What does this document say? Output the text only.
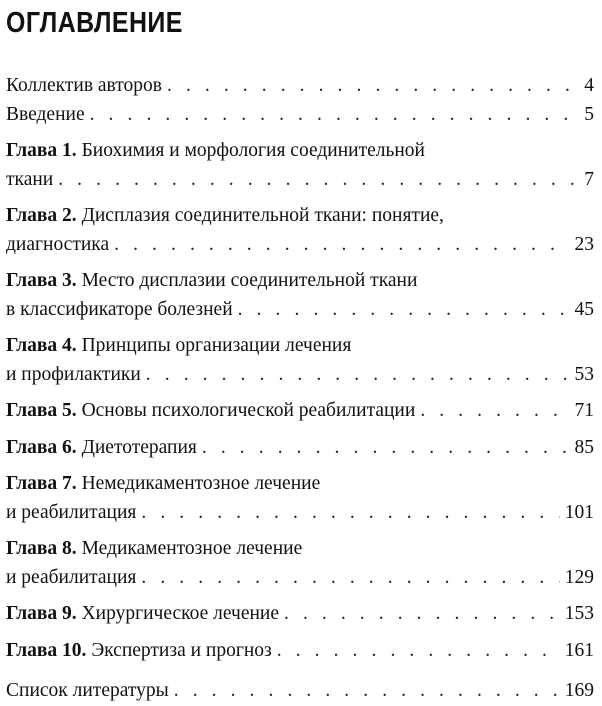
ОГЛАВЛЕНИЕ
Коллектив авторов . . .	4
Введение . . .	5
Глава 1. Биохимия и морфология соединительной
ткани . . .	7
Глава 2. Дисплазия соединительной ткани: понятие,
диагностика . . .	23
Глава 3. Место дисплазии соединительной ткани
в классификаторе болезней . . .	45
Глава 4. Принципы организации лечения
и профилактики . . .	53
Глава 5. Основы психологической реабилитации . . .	71
Глава 6. Диетотерапия . . .	85
Глава 7. Немедикаментозное лечение
и реабилитация . . .	101
Глава 8. Медикаментозное лечение
и реабилитация . . .	129
Глава 9. Хирургическое лечение . . .	153
Глава 10. Экспертиза и прогноз . . .	161
Список литературы . . .	169
